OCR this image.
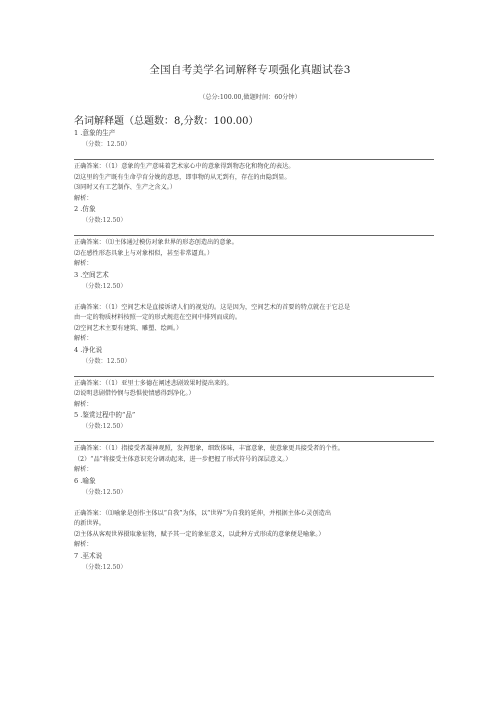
全国自考美学名词解释专项强化真题试卷3
（总分:100.00,做题时间：60分钟）
名词解释题（总题数：8,分数：100.00）
1 .意象的生产
（分数：12.50）
正确答案：（（1）意象的生产意味着艺术家心中的意象得到物态化和物化的表达。
⑵这里的生产既有生命孕育分娩的意思，即事物的从无到有，存在的由隐到显。
⑶同时又有工艺制作、生产之含义。）
解析：
2 .仿象
（分数:12.50）
正确答案：（⑴主体通过模仿对象世界的形态创造出的意象。
⑵在感性形态具象上与对象相似，甚至非常逼真。）
解析：
3 .空间艺术
（分数:12.50）
正确答案：（（1）空间艺术是直接诉诸人们的视觉的。这是因为，空间艺术的首要的特点就在于它总是
由一定的物质材料按照一定的形式规范在空间中排列而成的。
⑵空间艺术主要有建筑、雕塑、绘画。）
解析：
4 .净化说
（分数：12.50）
正确答案：（（1）亚里士多德在阐述悲剧效果时提出来的。
⑵说明悲剧借怜悯与恐惧使情感得到净化。）
解析：
5 .鉴赏过程中的“品”
（分数:12.50）
正确答案：（（1）指接受者凝神观照，发挥想象，细致体味，丰富意象，使意象更具接受者的个性。
（2）“品”将接受主体意识充分调动起来，进一步把握了形式符号的深层意义。）
解析：
6 .喻象
（分数:12.50）
正确答案：（⑴喻象是创作主体以“自我”为体，以“世界”为自我的延伸，并根据主体心灵创造出
的新世界。
⑵主体从客观世界摄取象征物，赋予其一定的象征意义，以此种方式形成的意象便是喻象。）
解析：
7 .巫术说
（分数:12.50）
